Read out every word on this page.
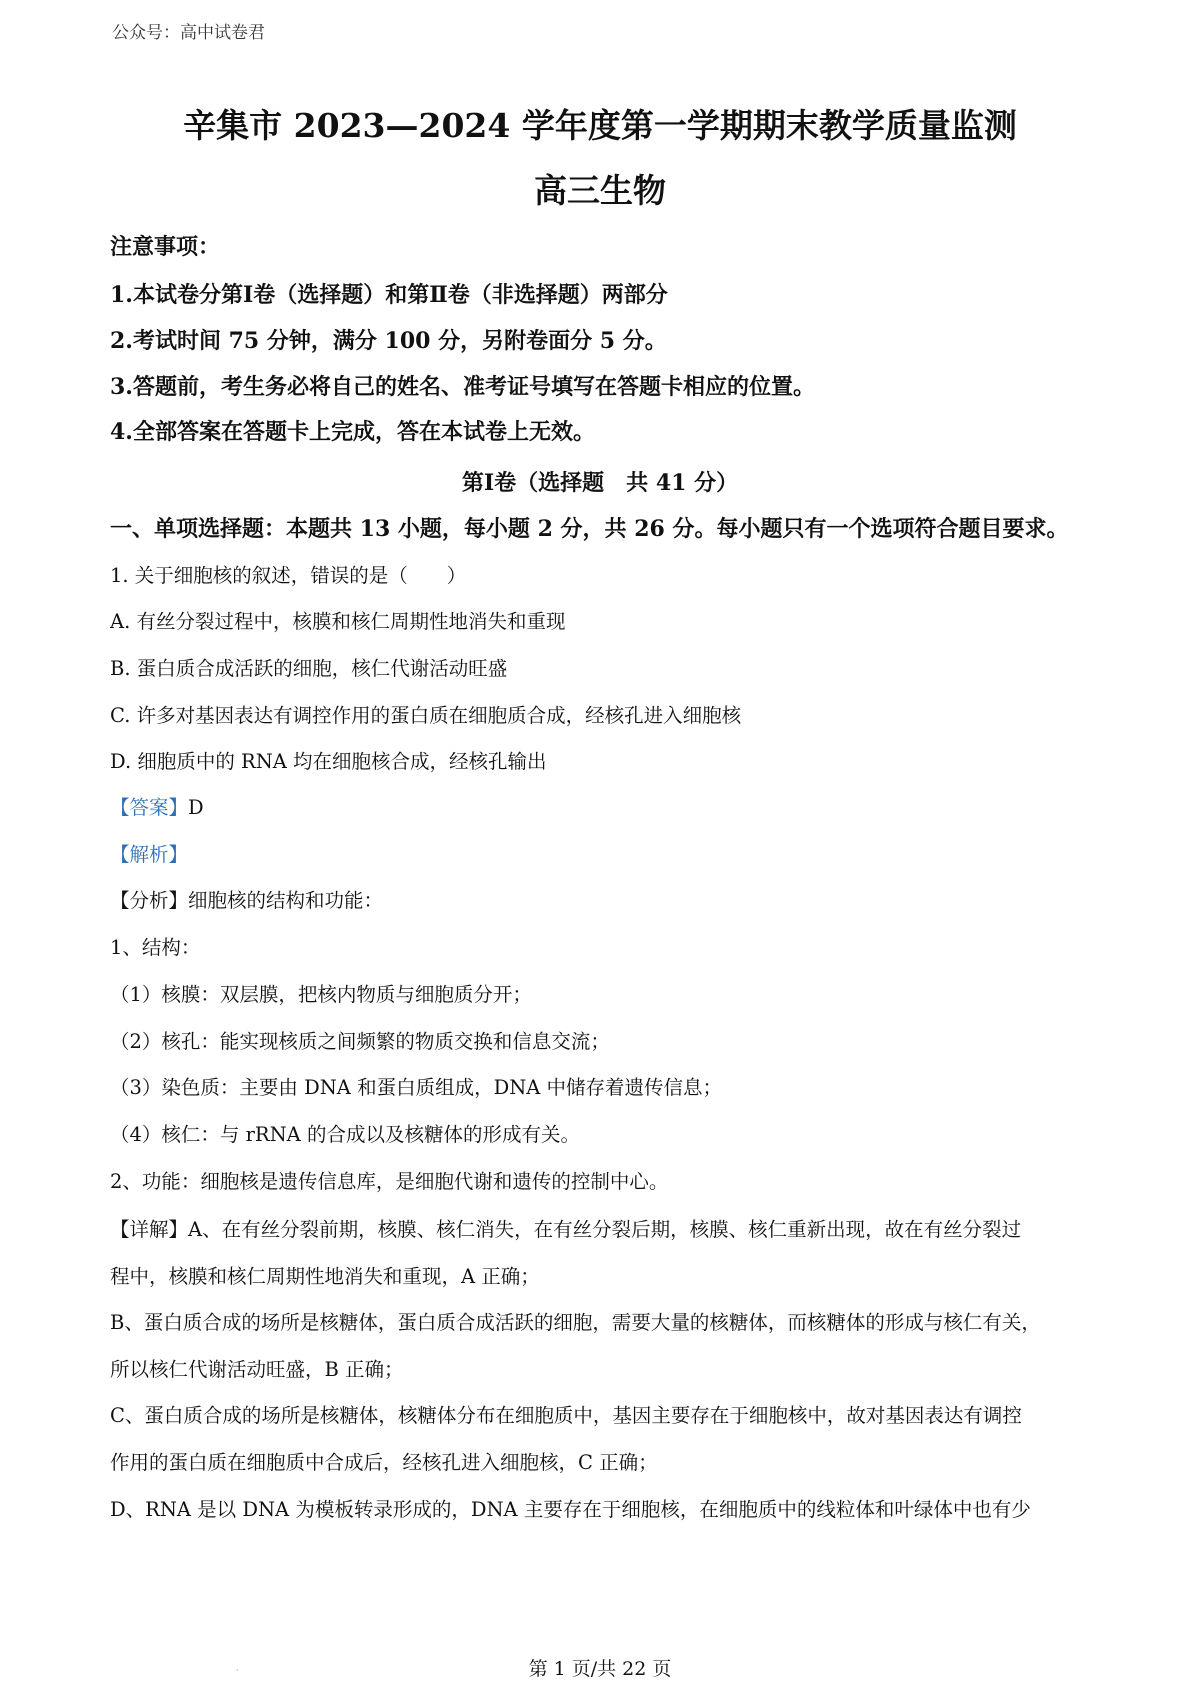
公众号：高中试卷君
辛集市 2023—2024 学年度第一学期期末教学质量监测
高三生物
注意事项：
1.本试卷分第Ⅰ卷（选择题）和第Ⅱ卷（非选择题）两部分
2.考试时间 75 分钟，满分 100 分，另附卷面分 5 分。
3.答题前，考生务必将自己的姓名、准考证号填写在答题卡相应的位置。
4.全部答案在答题卡上完成，答在本试卷上无效。
第Ⅰ卷（选择题　共 41 分）
一、单项选择题：本题共 13 小题，每小题 2 分，共 26 分。每小题只有一个选项符合题目要求。
1. 关于细胞核的叙述，错误的是（　　）
A. 有丝分裂过程中，核膜和核仁周期性地消失和重现
B. 蛋白质合成活跃的细胞，核仁代谢活动旺盛
C. 许多对基因表达有调控作用的蛋白质在细胞质合成，经核孔进入细胞核
D. 细胞质中的 RNA 均在细胞核合成，经核孔输出
【答案】D
【解析】
【分析】细胞核的结构和功能：
1、结构：
（1）核膜：双层膜，把核内物质与细胞质分开；
（2）核孔：能实现核质之间频繁的物质交换和信息交流；
（3）染色质：主要由 DNA 和蛋白质组成，DNA 中储存着遗传信息；
（4）核仁：与 rRNA 的合成以及核糖体的形成有关。
2、功能：细胞核是遗传信息库，是细胞代谢和遗传的控制中心。
【详解】A、在有丝分裂前期，核膜、核仁消失，在有丝分裂后期，核膜、核仁重新出现，故在有丝分裂过
程中，核膜和核仁周期性地消失和重现，A 正确；
B、蛋白质合成的场所是核糖体，蛋白质合成活跃的细胞，需要大量的核糖体，而核糖体的形成与核仁有关，
所以核仁代谢活动旺盛，B 正确；
C、蛋白质合成的场所是核糖体，核糖体分布在细胞质中，基因主要存在于细胞核中，故对基因表达有调控
作用的蛋白质在细胞质中合成后，经核孔进入细胞核，C 正确；
D、RNA 是以 DNA 为模板转录形成的，DNA 主要存在于细胞核，在细胞质中的线粒体和叶绿体中也有少
·	第 1 页/共 22 页
